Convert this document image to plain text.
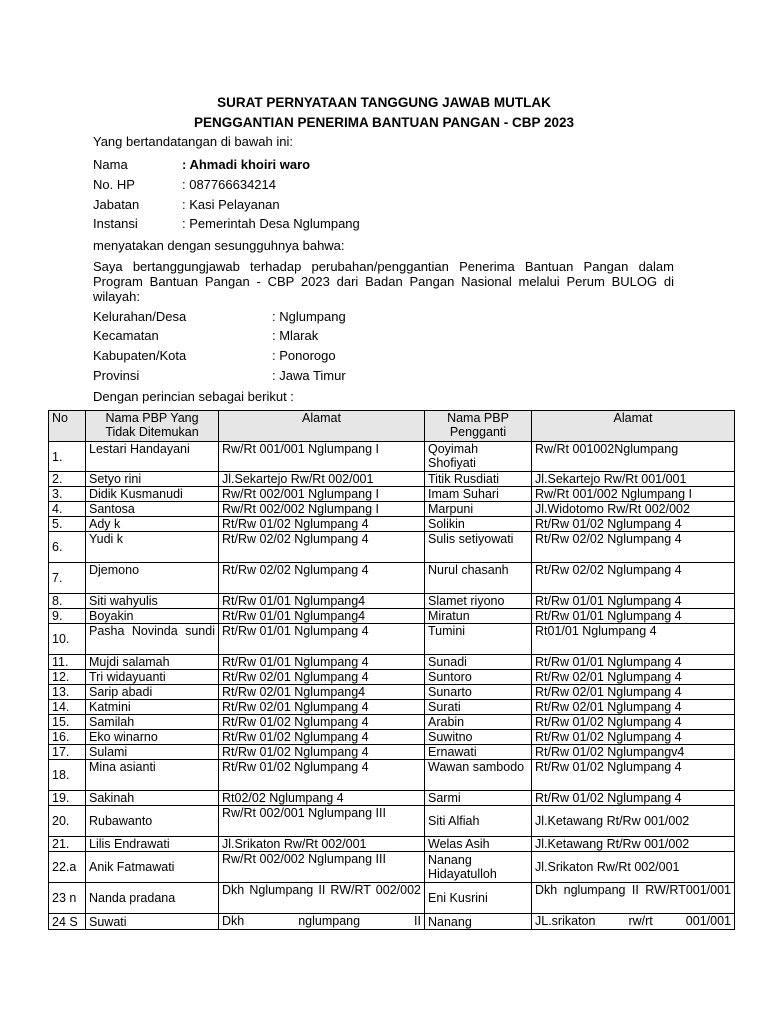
SURAT PERNYATAAN TANGGUNG JAWAB MUTLAK
PENGGANTIAN PENERIMA BANTUAN PANGAN - CBP 2023
Yang bertandatangan di bawah ini:
Nama	: Ahmadi khoiri waro
No. HP	: 087766634214
Jabatan	: Kasi Pelayanan
Instansi	: Pemerintah Desa Nglumpang
menyatakan dengan sesungguhnya bahwa:
Saya bertanggungjawab terhadap perubahan/penggantian Penerima Bantuan Pangan dalam Program Bantuan Pangan - CBP 2023 dari Badan Pangan Nasional melalui Perum BULOG di wilayah:
Kelurahan/Desa	: Nglumpang
Kecamatan	: Mlarak
Kabupaten/Kota	: Ponorogo
Provinsi	: Jawa Timur
Dengan perincian sebagai berikut :
No	Nama PBP Yang Tidak Ditemukan	Alamat	Nama PBP Pengganti	Alamat
1.	Lestari Handayani	Rw/Rt 001/001 Nglumpang I	Qoyimah Shofiyati	Rw/Rt 001002Nglumpang
2.	Setyo rini	Jl.Sekartejo Rw/Rt 002/001	Titik Rusdiati	Jl.Sekartejo Rw/Rt 001/001
3.	Didik Kusmanudi	Rw/Rt 002/001 Nglumpang I	Imam Suhari	Rw/Rt 001/002 Nglumpang I
4.	Santosa	Rw/Rt 002/002 Nglumpang I	Marpuni	Jl.Widotomo Rw/Rt 002/002
5.	Ady k	Rt/Rw 01/02 Nglumpang 4	Solikin	Rt/Rw 01/02 Nglumpang 4
6.	Yudi k	Rt/Rw 02/02 Nglumpang 4	Sulis setiyowati	Rt/Rw 02/02 Nglumpang 4
7.	Djemono	Rt/Rw 02/02 Nglumpang 4	Nurul chasanh	Rt/Rw 02/02 Nglumpang 4
8.	Siti wahyulis	Rt/Rw 01/01 Nglumpang4	Slamet riyono	Rt/Rw 01/01 Nglumpang 4
9.	Boyakin	Rt/Rw 01/01 Nglumpang4	Miratun	Rt/Rw 01/01 Nglumpang 4
10.	Pasha Novinda sundi	Rt/Rw 01/01 Nglumpang 4	Tumini	Rt01/01 Nglumpang 4
11.	Mujdi salamah	Rt/Rw 01/01 Nglumpang 4	Sunadi	Rt/Rw 01/01 Nglumpang 4
12.	Tri widayuanti	Rt/Rw 02/01 Nglumpang 4	Suntoro	Rt/Rw 02/01 Nglumpang 4
13.	Sarip abadi	Rt/Rw 02/01 Nglumpang4	Sunarto	Rt/Rw 02/01 Nglumpang 4
14.	Katmini	Rt/Rw 02/01 Nglumpang 4	Surati	Rt/Rw 02/01 Nglumpang 4
15.	Samilah	Rt/Rw 01/02 Nglumpang 4	Arabin	Rt/Rw 01/02 Nglumpang 4
16.	Eko winarno	Rt/Rw 01/02 Nglumpang 4	Suwitno	Rt/Rw 01/02 Nglumpang 4
17.	Sulami	Rt/Rw 01/02 Nglumpang 4	Ernawati	Rt/Rw 01/02 Nglumpangv4
18.	Mina asianti	Rt/Rw 01/02 Nglumpang 4	Wawan sambodo	Rt/Rw 01/02 Nglumpang 4
19.	Sakinah	Rt02/02 Nglumpang 4	Sarmi	Rt/Rw 01/02 Nglumpang 4
20.	Rubawanto	Rw/Rt 002/001 Nglumpang III	Siti Alfiah	Jl.Ketawang Rt/Rw 001/002
21.	Lilis Endrawati	Jl.Srikaton Rw/Rt 002/001	Welas Asih	Jl.Ketawang Rt/Rw 001/002
22.a	Anik Fatmawati	Rw/Rt 002/002 Nglumpang III	Nanang Hidayatulloh	Jl.Srikaton Rw/Rt 002/001
23 n	Nanda pradana	Dkh Nglumpang II RW/RT 002/002	Eni Kusrini	Dkh nglumpang II RW/RT001/001
24 S	Suwati	Dkh nglumpang II	Nanang	JL.srikaton rw/rt 001/001
